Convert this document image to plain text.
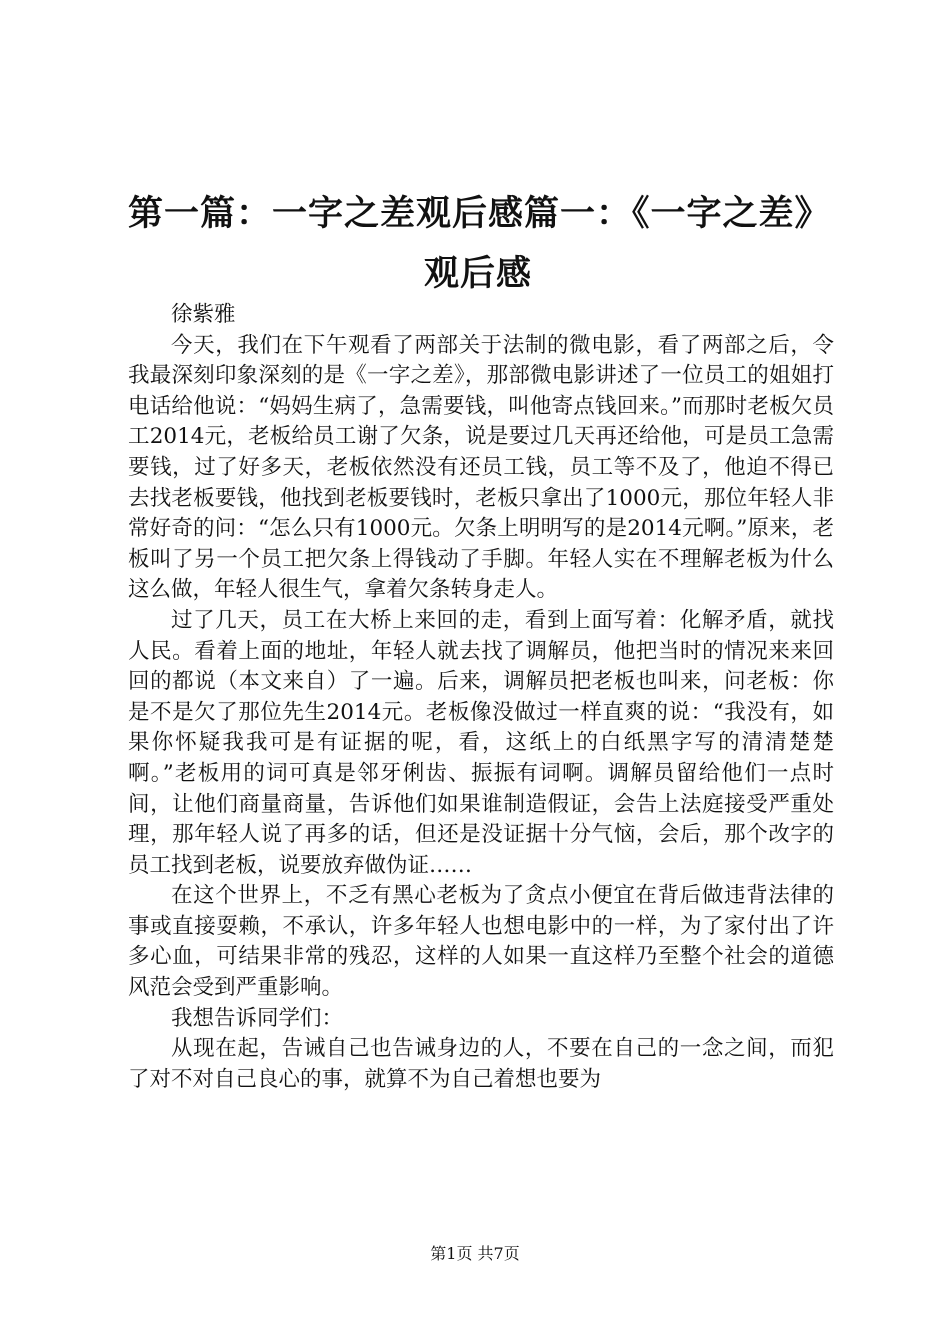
第一篇：一字之差观后感篇一：《一字之差》
观后感

徐紫雅

今天，我们在下午观看了两部关于法制的微电影，看了两部之后，令我最深刻印象深刻的是《一字之差》，那部微电影讲述了一位员工的姐姐打电话给他说：“妈妈生病了，急需要钱，叫他寄点钱回来。”而那时老板欠员工2014元，老板给员工谢了欠条，说是要过几天再还给他，可是员工急需要钱，过了好多天，老板依然没有还员工钱，员工等不及了，他迫不得已去找老板要钱，他找到老板要钱时，老板只拿出了1000元，那位年轻人非常好奇的问：“怎么只有1000元。欠条上明明写的是2014元啊。”原来，老板叫了另一个员工把欠条上得钱动了手脚。年轻人实在不理解老板为什么这么做，年轻人很生气，拿着欠条转身走人。

过了几天，员工在大桥上来回的走，看到上面写着：化解矛盾，就找人民。看着上面的地址，年轻人就去找了调解员，他把当时的情况来来回回的都说（本文来自）了一遍。后来，调解员把老板也叫来，问老板：你是不是欠了那位先生2014元。老板像没做过一样直爽的说：“我没有，如果你怀疑我我可是有证据的呢，看，这纸上的白纸黑字写的清清楚楚啊。”老板用的词可真是邻牙俐齿、振振有词啊。调解员留给他们一点时间，让他们商量商量，告诉他们如果谁制造假证，会告上法庭接受严重处理，那年轻人说了再多的话，但还是没证据十分气恼，会后，那个改字的员工找到老板，说要放弃做伪证……

在这个世界上，不乏有黑心老板为了贪点小便宜在背后做违背法律的事或直接耍赖，不承认，许多年轻人也想电影中的一样，为了家付出了许多心血，可结果非常的残忍，这样的人如果一直这样乃至整个社会的道德风范会受到严重影响。

我想告诉同学们：

从现在起，告诫自己也告诫身边的人，不要在自己的一念之间，而犯了对不对自己良心的事，就算不为自己着想也要为

第1页 共7页
